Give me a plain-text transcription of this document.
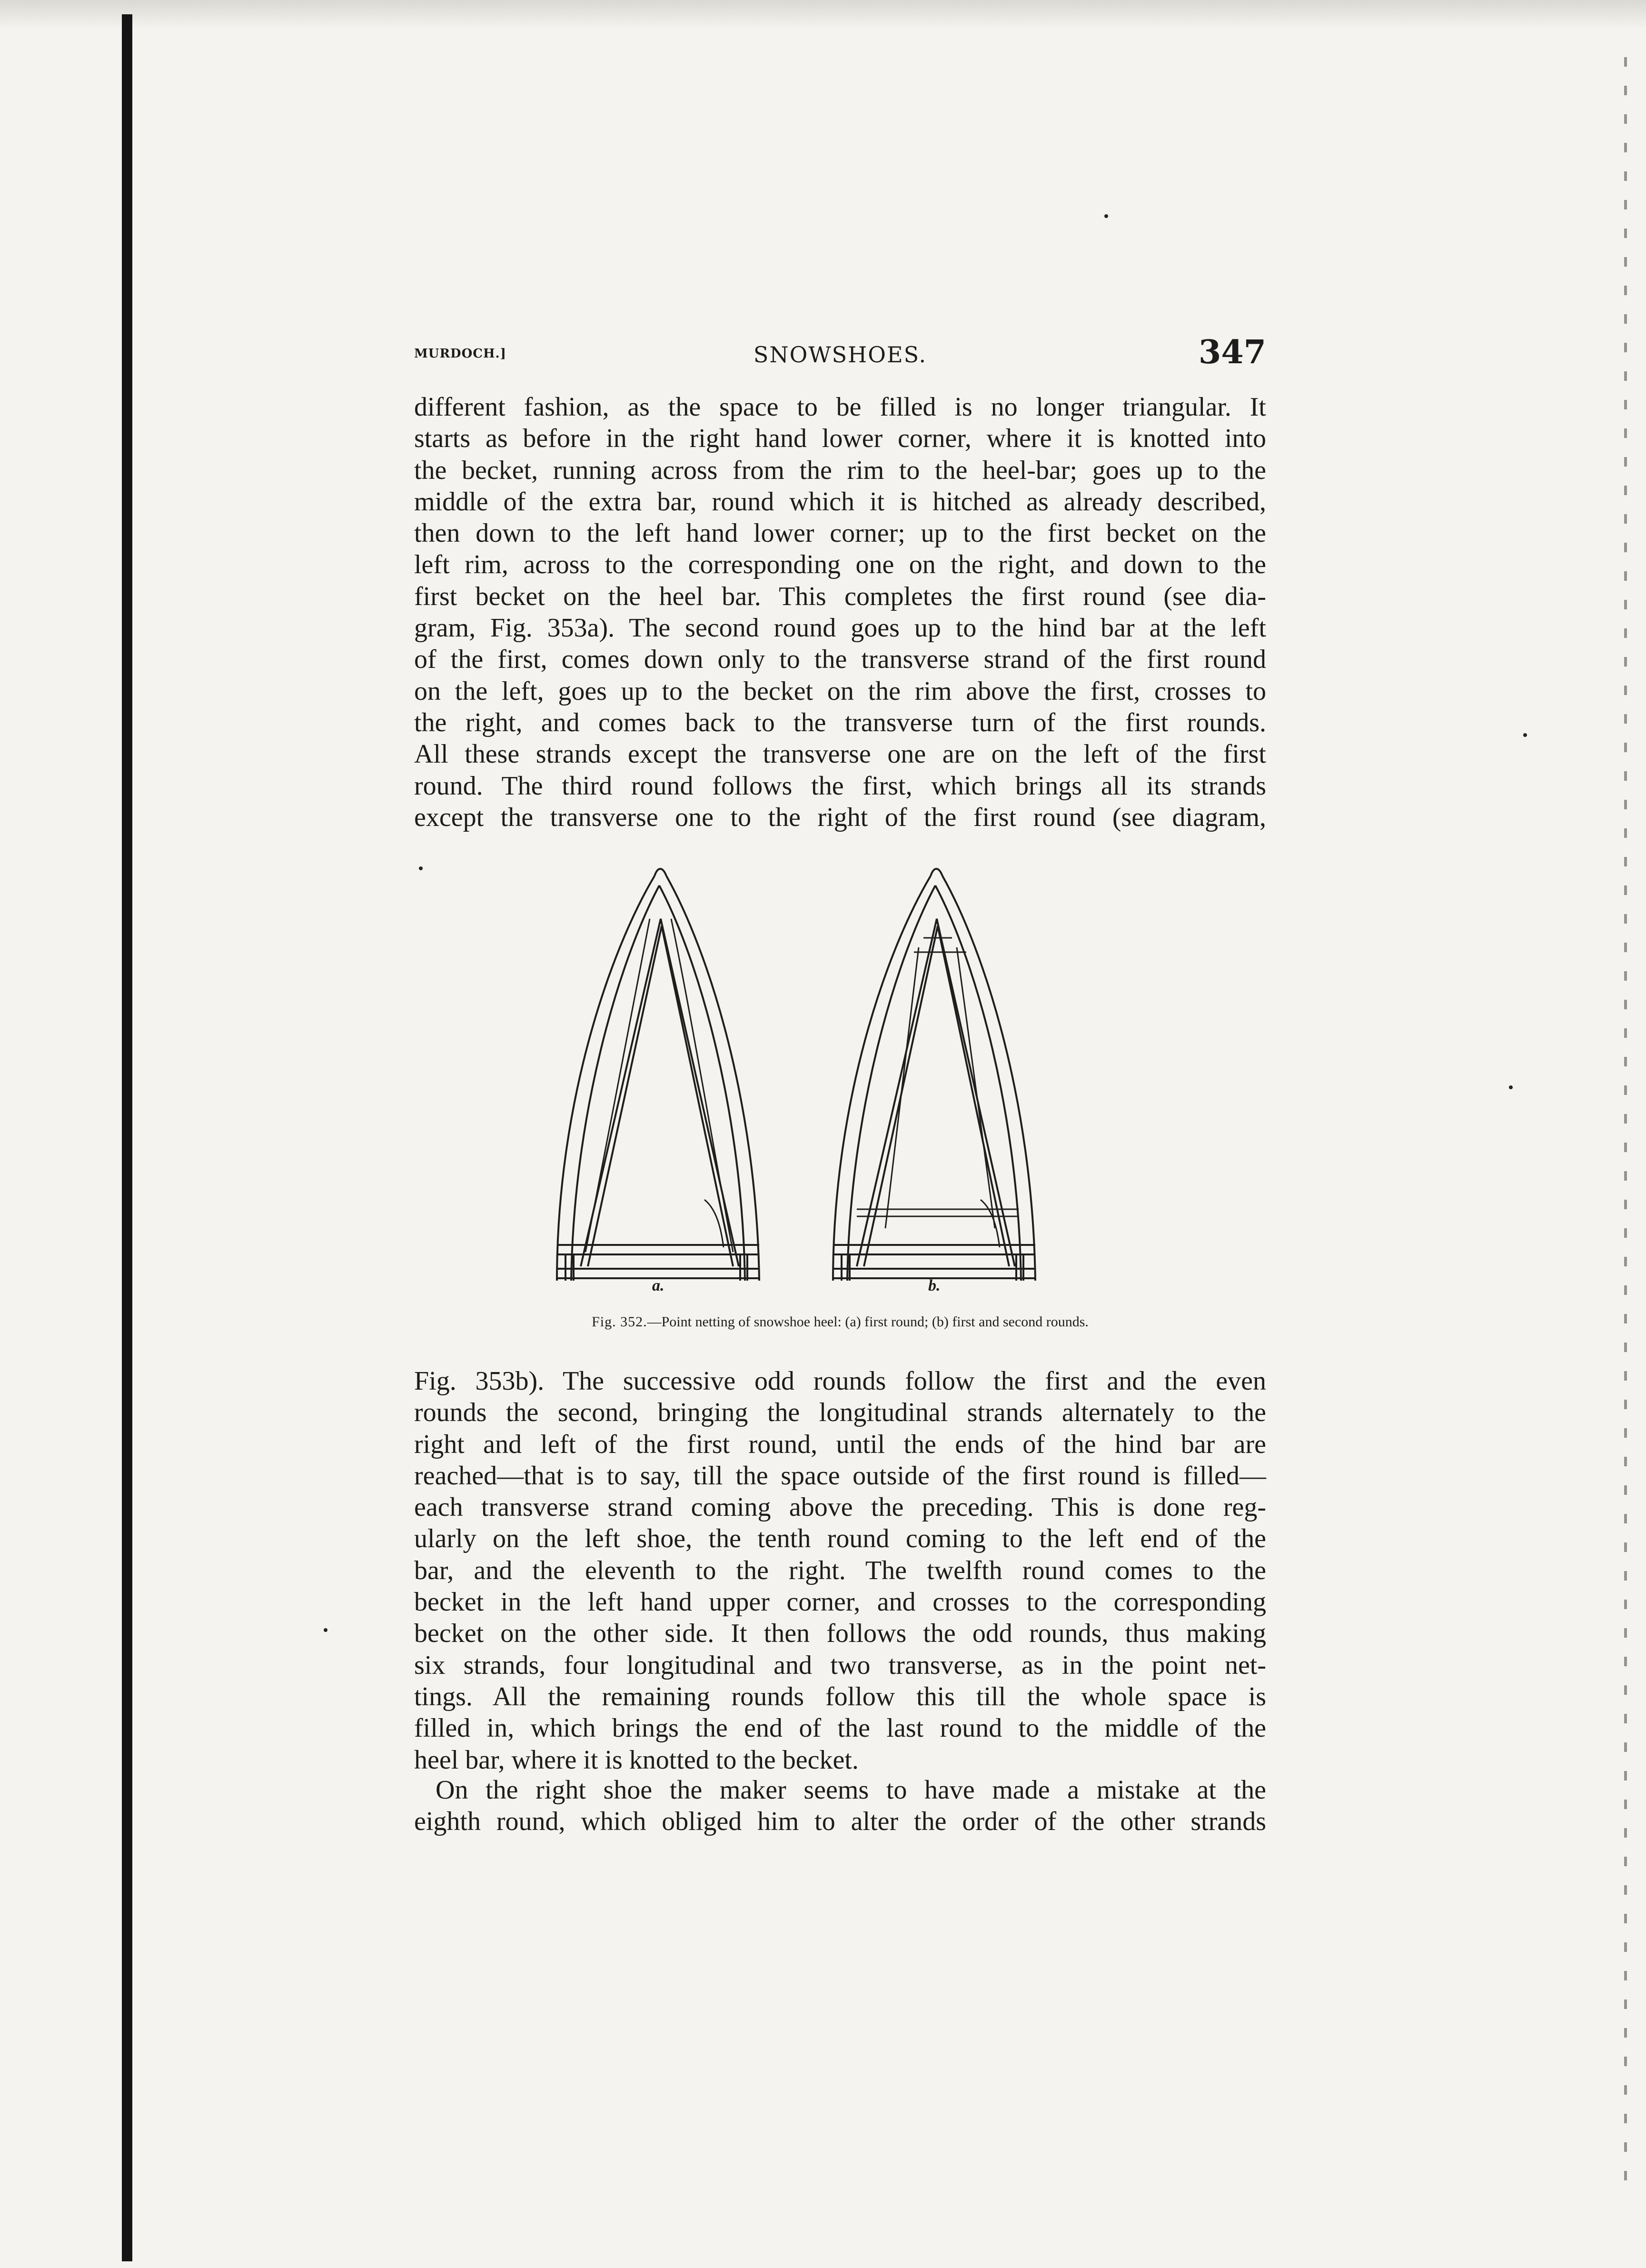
MURDOCH.]	SNOWSHOES.	347
different fashion, as the space to be filled is no longer triangular. It
starts as before in the right hand lower corner, where it is knotted into
the becket, running across from the rim to the heel-bar; goes up to the
middle of the extra bar, round which it is hitched as already described,
then down to the left hand lower corner; up to the first becket on the
left rim, across to the corresponding one on the right, and down to the
first becket on the heel bar. This completes the first round (see dia-
gram, Fig. 353a). The second round goes up to the hind bar at the left
of the first, comes down only to the transverse strand of the first round
on the left, goes up to the becket on the rim above the first, crosses to
the right, and comes back to the transverse turn of the first rounds.
All these strands except the transverse one are on the left of the first
round. The third round follows the first, which brings all its strands
except the transverse one to the right of the first round (see diagram,
a.	b.
Fig. 352.—Point netting of snowshoe heel: (a) first round; (b) first and second rounds.
Fig. 353b). The successive odd rounds follow the first and the even
rounds the second, bringing the longitudinal strands alternately to the
right and left of the first round, until the ends of the hind bar are
reached—that is to say, till the space outside of the first round is filled—
each transverse strand coming above the preceding. This is done reg-
ularly on the left shoe, the tenth round coming to the left end of the
bar, and the eleventh to the right. The twelfth round comes to the
becket in the left hand upper corner, and crosses to the corresponding
becket on the other side. It then follows the odd rounds, thus making
six strands, four longitudinal and two transverse, as in the point net-
tings. All the remaining rounds follow this till the whole space is
filled in, which brings the end of the last round to the middle of the
heel bar, where it is knotted to the becket.
On the right shoe the maker seems to have made a mistake at the
eighth round, which obliged him to alter the order of the other strands
